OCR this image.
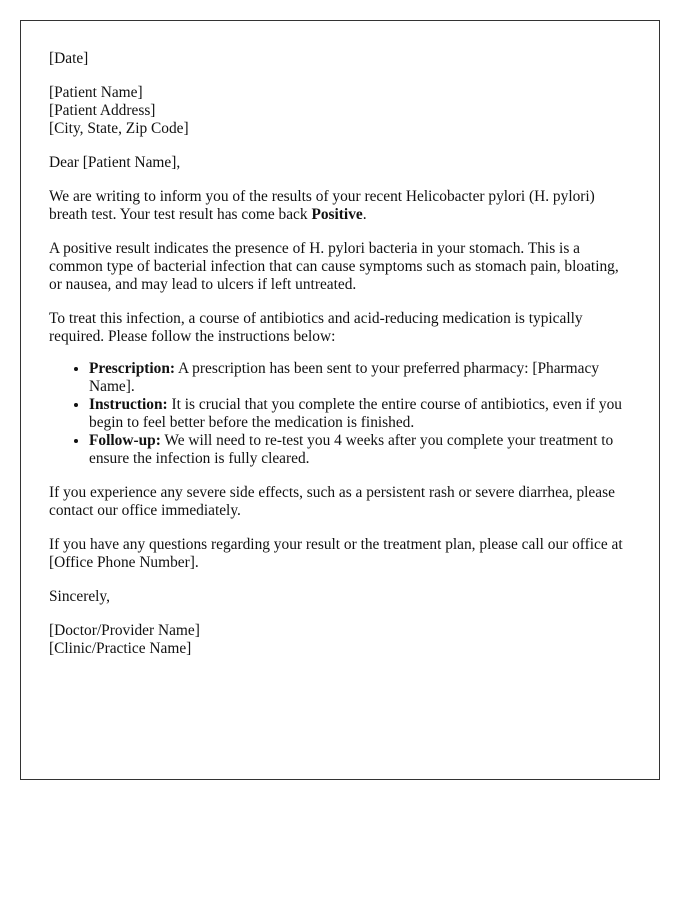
[Date]
[Patient Name]
[Patient Address]
[City, State, Zip Code]

Dear [Patient Name],

We are writing to inform you of the results of your recent Helicobacter pylori (H. pylori) breath test. Your test result has come back Positive.

A positive result indicates the presence of H. pylori bacteria in your stomach. This is a common type of bacterial infection that can cause symptoms such as stomach pain, bloating, or nausea, and may lead to ulcers if left untreated.

To treat this infection, a course of antibiotics and acid-reducing medication is typically required. Please follow the instructions below:

• Prescription: A prescription has been sent to your preferred pharmacy: [Pharmacy Name].
• Instruction: It is crucial that you complete the entire course of antibiotics, even if you begin to feel better before the medication is finished.
• Follow-up: We will need to re-test you 4 weeks after you complete your treatment to ensure the infection is fully cleared.

If you experience any severe side effects, such as a persistent rash or severe diarrhea, please contact our office immediately.

If you have any questions regarding your result or the treatment plan, please call our office at [Office Phone Number].

Sincerely,

[Doctor/Provider Name]
[Clinic/Practice Name]
